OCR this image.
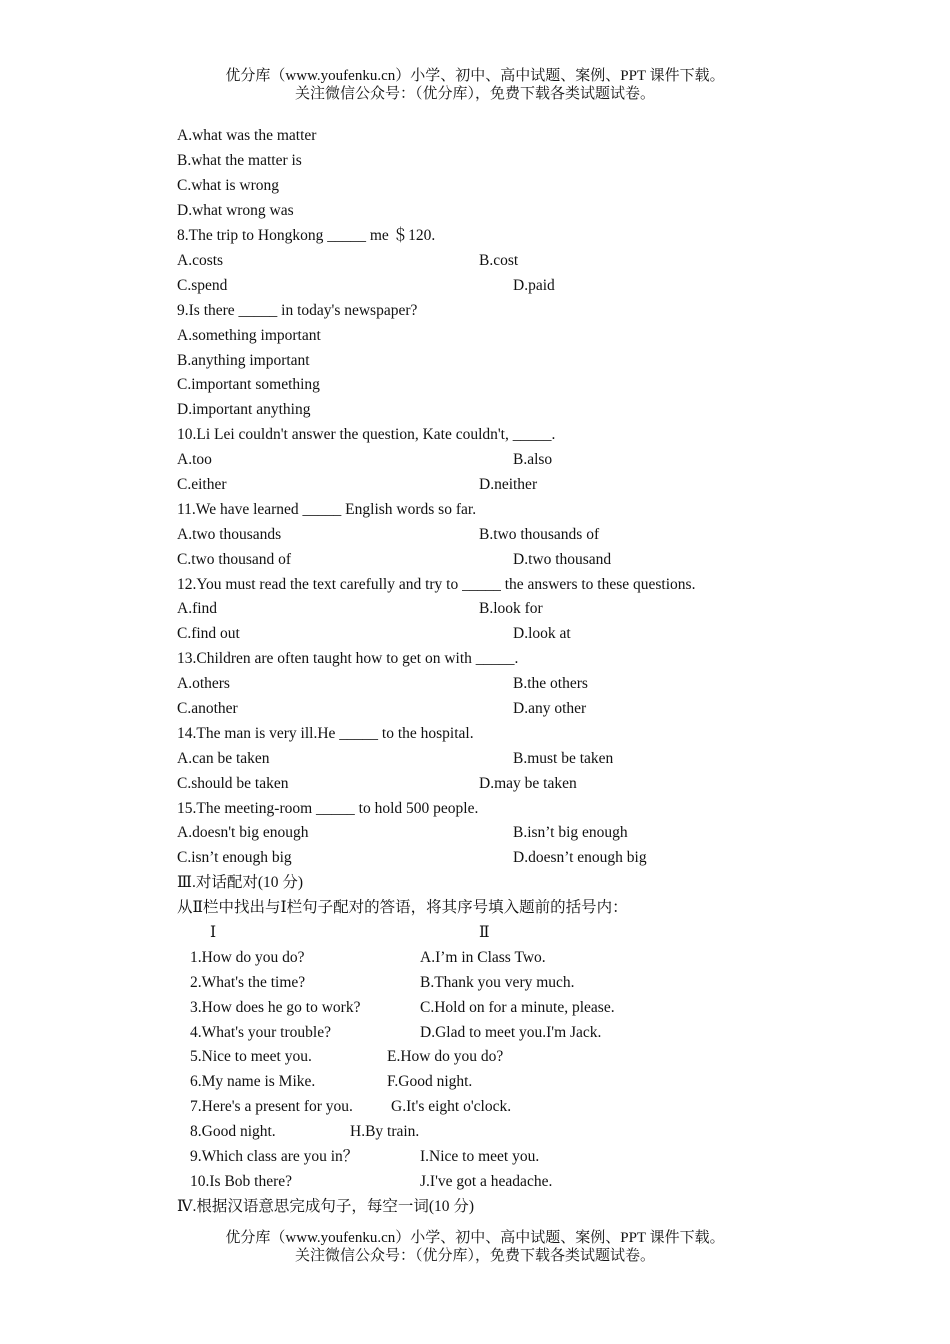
优分库（www.youfenku.cn）小学、初中、高中试题、案例、PPT 课件下载。
关注微信公众号：（优分库），免费下载各类试题试卷。
A.what was the matter
B.what the matter is
C.what is wrong
D.what wrong was
8.The trip to Hongkong _____ me ＄120.
A.costs	B.cost
C.spend	D.paid
9.Is there _____ in today's newspaper?
A.something important
B.anything important
C.important something
D.important anything
10.Li Lei couldn't answer the question, Kate couldn't, _____.
A.too	B.also
C.either	D.neither
11.We have learned _____ English words so far.
A.two thousands	B.two thousands of
C.two thousand of	D.two thousand
12.You must read the text carefully and try to _____ the answers to these questions.
A.find	B.look for
C.find out	D.look at
13.Children are often taught how to get on with _____.
A.others	B.the others
C.another	D.any other
14.The man is very ill.He _____ to the hospital.
A.can be taken	B.must be taken
C.should be taken	D.may be taken
15.The meeting-room _____ to hold 500 people.
A.doesn't big enough	B.isn’t big enough
C.isn’t enough big	D.doesn’t enough big
Ⅲ.对话配对(10 分)
从Ⅱ栏中找出与Ⅰ栏句子配对的答语，将其序号填入题前的括号内：
Ⅰ	Ⅱ
1.How do you do?	A.I’m in Class Two.
2.What's the time?	B.Thank you very much.
3.How does he go to work?	C.Hold on for a minute, please.
4.What's your trouble?	D.Glad to meet you.I'm Jack.
5.Nice to meet you.	E.How do you do?
6.My name is Mike.	F.Good night.
7.Here's a present for you. G.It's eight o'clock.
8.Good night.	H.By train.
9.Which class are you in？	I.Nice to meet you.
10.Is Bob there?	J.I've got a headache.
Ⅳ.根据汉语意思完成句子，每空一词(10 分)
优分库（www.youfenku.cn）小学、初中、高中试题、案例、PPT 课件下载。
关注微信公众号：（优分库），免费下载各类试题试卷。
